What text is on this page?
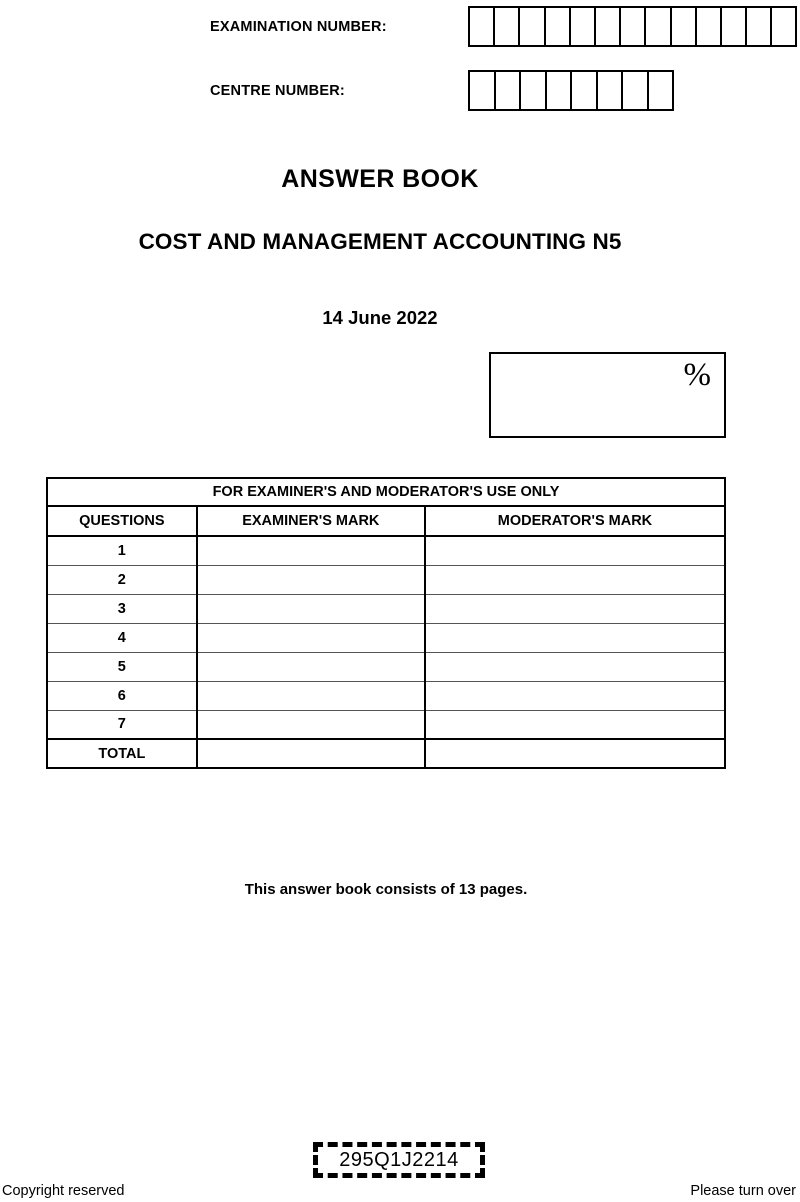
EXAMINATION NUMBER:
CENTRE NUMBER:
ANSWER BOOK
COST AND MANAGEMENT ACCOUNTING N5
14 June 2022
%
FOR EXAMINER'S AND MODERATOR'S USE ONLY		
QUESTIONS	EXAMINER'S MARK	MODERATOR'S MARK
1		
2		
3		
4		
5		
6		
7		
TOTAL		
This answer book consists of 13 pages.
295Q1J2214
Copyright reserved	Please turn over
